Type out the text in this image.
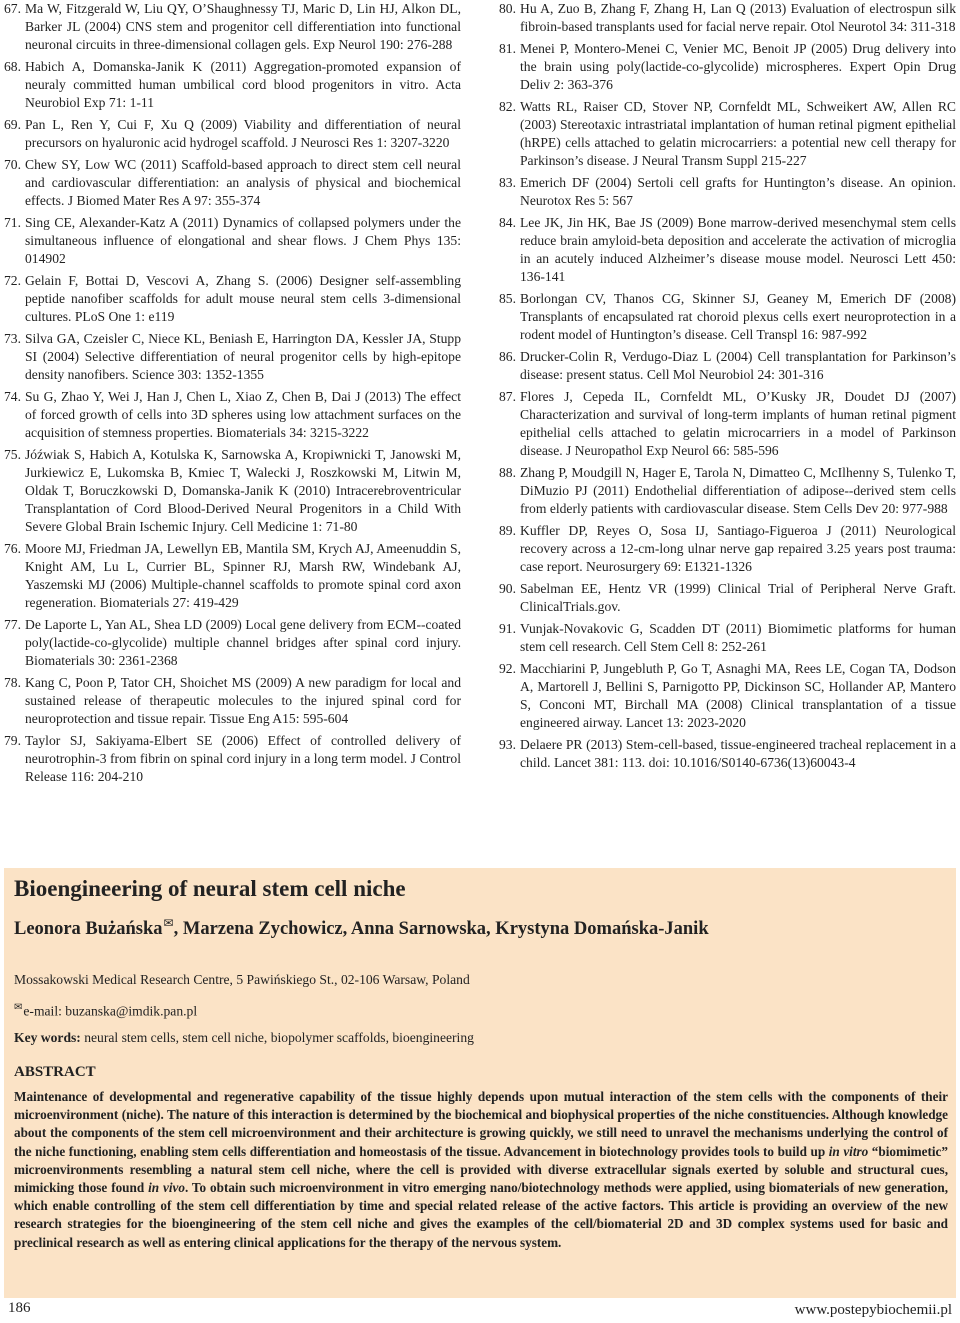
67. Ma W, Fitzgerald W, Liu QY, O’Shaughnessy TJ, Maric D, Lin HJ, Alkon DL, Barker JL (2004) CNS stem and progenitor cell differentiation into functional neuronal circuits in three-dimensional collagen gels. Exp Neurol 190: 276-288
68. Habich A, Domanska-Janik K (2011) Aggregation-promoted expansion of neuraly committed human umbilical cord blood progenitors in vitro. Acta Neurobiol Exp 71: 1-11
69. Pan L, Ren Y, Cui F, Xu Q (2009) Viability and differentiation of neural precursors on hyaluronic acid hydrogel scaffold. J Neurosci Res 1: 3207-3220
70. Chew SY, Low WC (2011) Scaffold-based approach to direct stem cell neural and cardiovascular differentiation: an analysis of physical and biochemical effects. J Biomed Mater Res A 97: 355-374
71. Sing CE, Alexander-Katz A (2011) Dynamics of collapsed polymers under the simultaneous influence of elongational and shear flows. J Chem Phys 135: 014902
72. Gelain F, Bottai D, Vescovi A, Zhang S. (2006) Designer self-assembling peptide nanofiber scaffolds for adult mouse neural stem cells 3-dimensional cultures. PLoS One 1: e119
73. Silva GA, Czeisler C, Niece KL, Beniash E, Harrington DA, Kessler JA, Stupp SI (2004) Selective differentiation of neural progenitor cells by high-epitope density nanofibers. Science 303: 1352-1355
74. Su G, Zhao Y, Wei J, Han J, Chen L, Xiao Z, Chen B, Dai J (2013) The effect of forced growth of cells into 3D spheres using low attachment surfaces on the acquisition of stemness properties. Biomaterials 34: 3215-3222
75. Jóźwiak S, Habich A, Kotulska K, Sarnowska A, Kropiwnicki T, Janowski M, Jurkiewicz E, Lukomska B, Kmiec T, Walecki J, Roszkowski M, Litwin M, Oldak T, Boruczkowski D, Domanska-Janik K (2010) Intracerebroventricular Transplantation of Cord Blood-Derived Neural Progenitors in a Child With Severe Global Brain Ischemic Injury. Cell Medicine 1: 71-80
76. Moore MJ, Friedman JA, Lewellyn EB, Mantila SM, Krych AJ, Ameenuddin S, Knight AM, Lu L, Currier BL, Spinner RJ, Marsh RW, Windebank AJ, Yaszemski MJ (2006) Multiple-channel scaffolds to promote spinal cord axon regeneration. Biomaterials 27: 419-429
77. De Laporte L, Yan AL, Shea LD (2009) Local gene delivery from ECM--coated poly(lactide-co-glycolide) multiple channel bridges after spinal cord injury. Biomaterials 30: 2361-2368
78. Kang C, Poon P, Tator CH, Shoichet MS (2009) A new paradigm for local and sustained release of therapeutic molecules to the injured spinal cord for neuroprotection and tissue repair. Tissue Eng A15: 595-604
79. Taylor SJ, Sakiyama-Elbert SE (2006) Effect of controlled delivery of neurotrophin-3 from fibrin on spinal cord injury in a long term model. J Control Release 116: 204-210
80. Hu A, Zuo B, Zhang F, Zhang H, Lan Q (2013) Evaluation of electrospun silk fibroin-based transplants used for facial nerve repair. Otol Neurotol 34: 311-318
81. Menei P, Montero-Menei C, Venier MC, Benoit JP (2005) Drug delivery into the brain using poly(lactide-co-glycolide) microspheres. Expert Opin Drug Deliv 2: 363-376
82. Watts RL, Raiser CD, Stover NP, Cornfeldt ML, Schweikert AW, Allen RC (2003) Stereotaxic intrastriatal implantation of human retinal pigment epithelial (hRPE) cells attached to gelatin microcarriers: a potential new cell therapy for Parkinson’s disease. J Neural Transm Suppl 215-227
83. Emerich DF (2004) Sertoli cell grafts for Huntington’s disease. An opinion. Neurotox Res 5: 567
84. Lee JK, Jin HK, Bae JS (2009) Bone marrow-derived mesenchymal stem cells reduce brain amyloid-beta deposition and accelerate the activation of microglia in an acutely induced Alzheimer’s disease mouse model. Neurosci Lett 450: 136-141
85. Borlongan CV, Thanos CG, Skinner SJ, Geaney M, Emerich DF (2008) Transplants of encapsulated rat choroid plexus cells exert neuroprotection in a rodent model of Huntington’s disease. Cell Transpl 16: 987-992
86. Drucker-Colin R, Verdugo-Diaz L (2004) Cell transplantation for Parkinson’s disease: present status. Cell Mol Neurobiol 24: 301-316
87. Flores J, Cepeda IL, Cornfeldt ML, O’Kusky JR, Doudet DJ (2007) Characterization and survival of long-term implants of human retinal pigment epithelial cells attached to gelatin microcarriers in a model of Parkinson disease. J Neuropathol Exp Neurol 66: 585-596
88. Zhang P, Moudgill N, Hager E, Tarola N, Dimatteo C, McIlhenny S, Tulenko T, DiMuzio PJ (2011) Endothelial differentiation of adipose--derived stem cells from elderly patients with cardiovascular disease. Stem Cells Dev 20: 977-988
89. Kuffler DP, Reyes O, Sosa IJ, Santiago-Figueroa J (2011) Neurological recovery across a 12-cm-long ulnar nerve gap repaired 3.25 years post trauma: case report. Neurosurgery 69: E1321-1326
90. Sabelman EE, Hentz VR (1999) Clinical Trial of Peripheral Nerve Graft. ClinicalTrials.gov.
91. Vunjak-Novakovic G, Scadden DT (2011) Biomimetic platforms for human stem cell research. Cell Stem Cell 8: 252-261
92. Macchiarini P, Jungebluth P, Go T, Asnaghi MA, Rees LE, Cogan TA, Dodson A, Martorell J, Bellini S, Parnigotto PP, Dickinson SC, Hollander AP, Mantero S, Conconi MT, Birchall MA (2008) Clinical transplantation of a tissue engineered airway. Lancet 13: 2023-2020
93. Delaere PR (2013) Stem-cell-based, tissue-engineered tracheal replacement in a child. Lancet 381: 113. doi: 10.1016/S0140-6736(13)60043-4
Bioengineering of neural stem cell niche
Leonora Bużańska✉, Marzena Zychowicz, Anna Sarnowska, Krystyna Domańska-Janik
Mossakowski Medical Research Centre, 5 Pawińskiego St., 02-106 Warsaw, Poland
✉e-mail: buzanska@imdik.pan.pl
Key words: neural stem cells, stem cell niche, biopolymer scaffolds, bioengineering
ABSTRACT
Maintenance of developmental and regenerative capability of the tissue highly depends upon mutual interaction of the stem cells with the components of their microenvironment (niche). The nature of this interaction is determined by the biochemical and biophysical properties of the niche constituencies. Although knowledge about the components of the stem cell microenvironment and their architecture is growing quickly, we still need to unravel the mechanisms underlying the control of the niche functioning, enabling stem cells differentiation and homeostasis of the tissue. Advancement in biotechnology provides tools to build up in vitro “biomimetic” microenvironments resembling a natural stem cell niche, where the cell is provided with diverse extracellular signals exerted by soluble and structural cues, mimicking those found in vivo. To obtain such microenvironment in vitro emerging nano/biotechnology methods were applied, using biomaterials of new generation, which enable controlling of the stem cell differentiation by time and special related release of the active factors. This article is providing an overview of the new research strategies for the bioengineering of the stem cell niche and gives the examples of the cell/biomaterial 2D and 3D complex systems used for basic and preclinical research as well as entering clinical applications for the therapy of the nervous system.
186	www.postepybiochemii.pl
